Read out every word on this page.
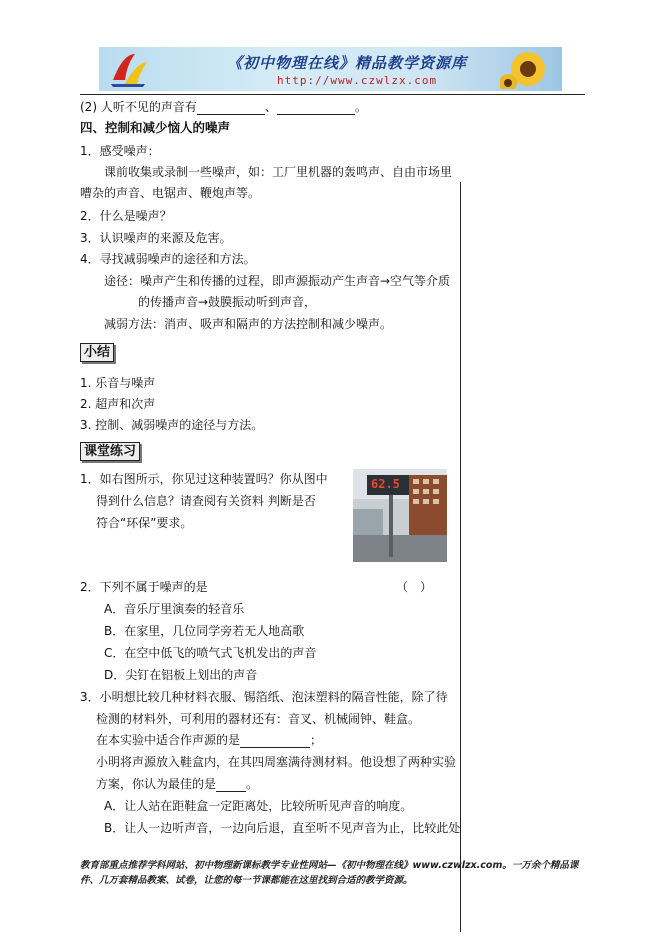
《初中物理在线》精品教学资源库
http://www.czwlzx.com
(2) 人听不见的声音有	、	。
四、控制和减少恼人的噪声
1．感受噪声：
课前收集或录制一些噪声，如：工厂里机器的轰鸣声、自由市场里
嘈杂的声音、电锯声、鞭炮声等。
2．什么是噪声？
3．认识噪声的来源及危害。
4．寻找减弱噪声的途径和方法。
途径：噪声产生和传播的过程，即声源振动产生声音→空气等介质
的传播声音→鼓膜振动听到声音，
减弱方法：消声、吸声和隔声的方法控制和减少噪声。
小结
1. 乐音与噪声
2. 超声和次声
3. 控制、减弱噪声的途径与方法。
课堂练习
1．如右图所示，你见过这种装置吗？你从图中
得到什么信息？请查阅有关资料 判断是否
符合“环保”要求。
62.5
2．下列不属于噪声的是	（　）
A．音乐厅里演奏的轻音乐
B．在家里，几位同学旁若无人地高歌
C．在空中低飞的喷气式飞机发出的声音
D．尖钉在铝板上划出的声音
3．小明想比较几种材料衣服、锡箔纸、泡沫塑料的隔音性能，除了待
检测的材料外，可利用的器材还有：音叉、机械闹钟、鞋盒。
在本实验中适合作声源的是	；
小明将声源放入鞋盒内，在其四周塞满待测材料。他设想了两种实验
方案，你认为最佳的是	。
A．让人站在距鞋盒一定距离处，比较所听见声音的响度。
B．让人一边听声音，一边向后退，直至听不见声音为止，比较此处
教育部重点推荐学科网站、初中物理新课标教学专业性网站—《初中物理在线》www.czwlzx.com。一万余个精品课
件、几万套精品教案、试卷，让您的每一节课都能在这里找到合适的教学资源。
